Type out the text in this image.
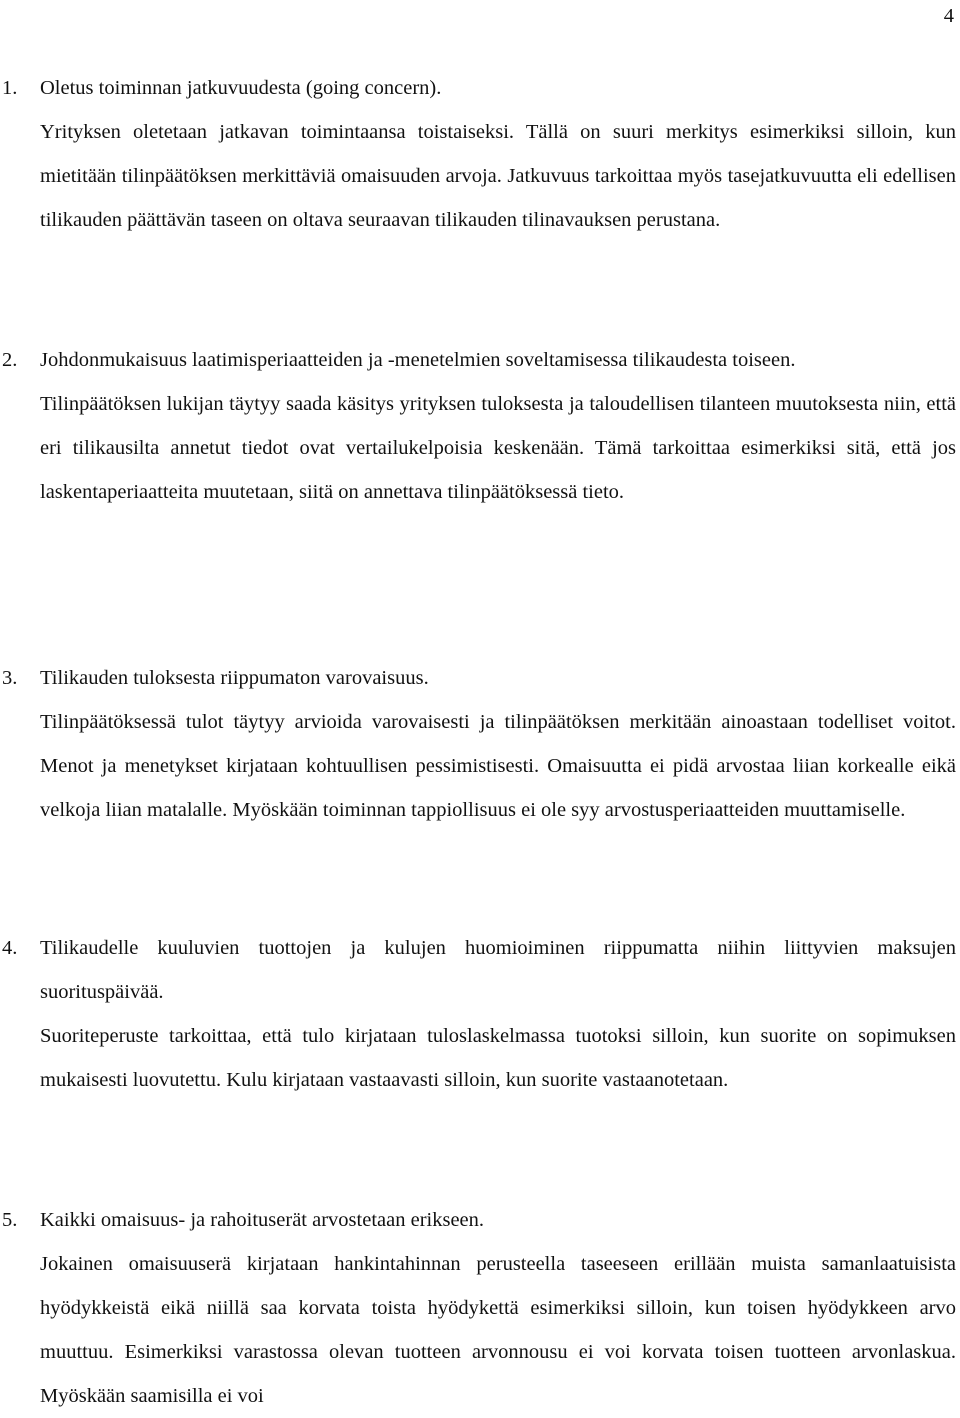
4
1.	Oletus toiminnan jatkuvuudesta (going concern).

Yrityksen oletetaan jatkavan toimintaansa toistaiseksi. Tällä on suuri merkitys esimerkiksi silloin, kun mietitään tilinpäätöksen merkittäviä omaisuuden arvoja. Jatkuvuus tarkoittaa myös tasejatkuvuutta eli edellisen tilikauden päättävän taseen on oltava seuraavan tilikauden tilinavauksen perustana.

2.	Johdonmukaisuus laatimisperiaatteiden ja -menetelmien soveltamisessa tilikaudesta toiseen.

Tilinpäätöksen lukijan täytyy saada käsitys yrityksen tuloksesta ja taloudellisen tilanteen muutoksesta niin, että eri tilikausilta annetut tiedot ovat vertailukelpoisia keskenään. Tämä tarkoittaa esimerkiksi sitä, että jos laskentaperiaatteita muutetaan, siitä on annettava tilinpäätöksessä tieto.

3.	Tilikauden tuloksesta riippumaton varovaisuus.

Tilinpäätöksessä tulot täytyy arvioida varovaisesti ja tilinpäätöksen merkitään ainoastaan todelliset voitot. Menot ja menetykset kirjataan kohtuullisen pessimistisesti. Omaisuutta ei pidä arvostaa liian korkealle eikä velkoja liian matalalle. Myöskään toiminnan tappiollisuus ei ole syy arvostusperiaatteiden muuttamiselle.

4.	Tilikaudelle kuuluvien tuottojen ja kulujen huomioiminen riippumatta niihin liittyvien maksujen suorituspäivää.

Suoriteperuste tarkoittaa, että tulo kirjataan tuloslaskelmassa tuotoksi silloin, kun suorite on sopimuksen mukaisesti luovutettu. Kulu kirjataan vastaavasti silloin, kun suorite vastaanotetaan.

5.	Kaikki omaisuus- ja rahoituserät arvostetaan erikseen.

Jokainen omaisuuserä kirjataan hankintahinnan perusteella taseeseen erillään muista samanlaatuisista hyödykkeistä eikä niillä saa korvata toista hyödykettä esimerkiksi silloin, kun toisen hyödykkeen arvo muuttuu. Esimerkiksi varastossa olevan tuotteen arvonnousu ei voi korvata toisen tuotteen arvonlaskua. Myöskään saamisilla ei voi
